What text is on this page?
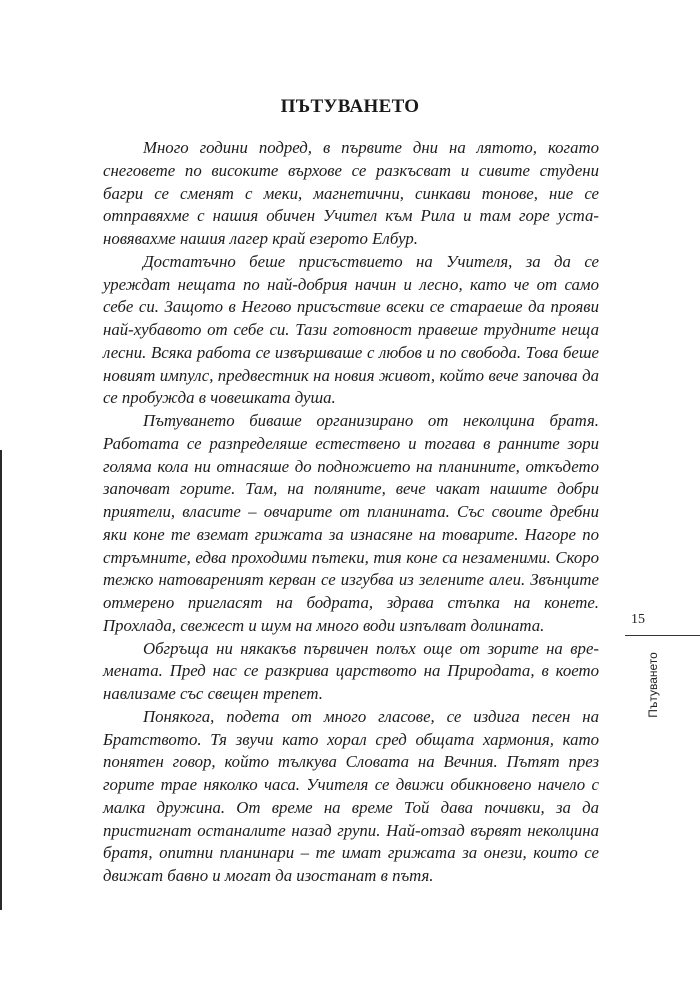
ПЪТУВАНЕТО

Много години подред, в първите дни на лятото, когато снеговете по високите върхове се разкъсват и сивите студени багри се сменят с меки, магнетични, синкави тонове, ние се отправяхме с нашия обичен Учител към Рила и там горе установявахме нашия лагер край езерото Елбур.

Достатъчно беше присъствието на Учителя, за да се уреждат нещата по най-добрия начин и лесно, като че от само себе си. Защото в Негово присъствие всеки се стараеше да прояви най-хубавото от себе си. Тази готовност правеше трудните неща лесни. Всяка работа се извършваше с любов и по свобода. Това беше новият импулс, предвестник на новия живот, който вече започва да се пробужда в човешката душа.

Пътуването биваше организирано от неколцина братя. Работата се разпределяше естествено и тогава в ранните зори голяма кола ни отнасяше до подножието на планините, откъдето започват горите. Там, на поляните, вече чакат нашите добри приятели, власите – овчарите от планината. Със своите дребни яки коне те вземат грижата за изнасяне на товарите. Нагоре по стръмните, едва проходими пътеки, тия коне са незаменими. Скоро тежко натовареният керван се изгубва из зелените алеи. Звънците отмерено приглaсят на бодрата, здрава стъпка на конете. Прохлада, свежест и шум на много води изпълват долината.

Обгръща ни някакъв първичен полъх още от зорите на времената. Пред нас се разкрива царството на Природата, в което навлизаме със свещен трепет.

Понякога, подета от много гласове, се издига песен на Братството. Тя звучи като хорал сред общата хармония, като понятен говор, който тълкува Словата на Вечния. Пътят през горите трае няколко часа. Учителя се движи обикновено начело с малка дружина. От време на време Той дава почивки, за да пристигнат останалите назад групи. Най-отзад вървят неколцина братя, опитни планинари – те имат грижата за онези, които се движат бавно и могат да изостанат в пътя.

15
Пътуването
